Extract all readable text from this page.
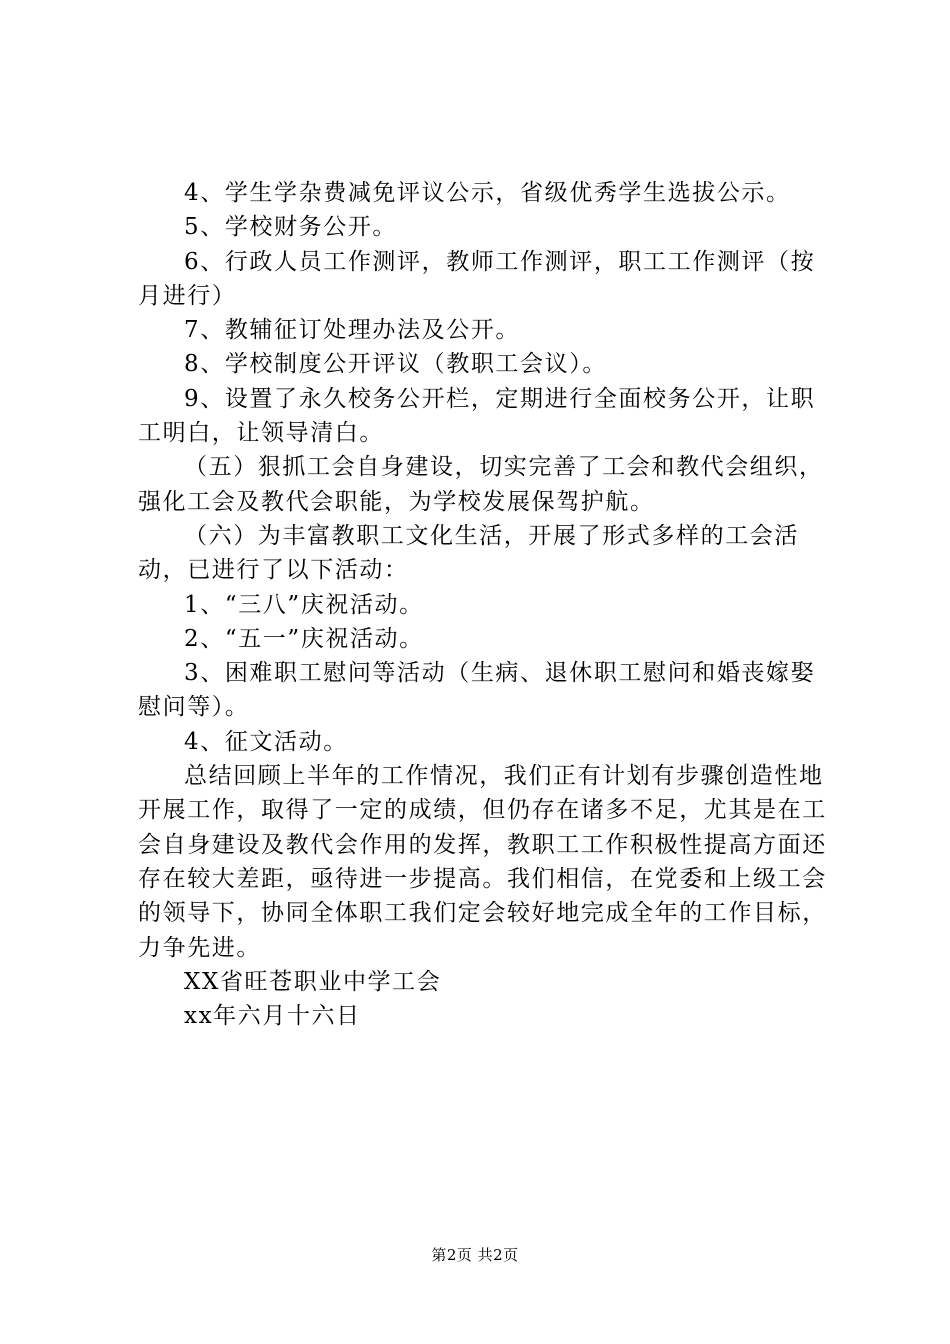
4、学生学杂费减免评议公示，省级优秀学生选拔公示。

5、学校财务公开。

6、行政人员工作测评，教师工作测评，职工工作测评（按月进行）

7、教辅征订处理办法及公开。

8、学校制度公开评议（教职工会议）。

9、设置了永久校务公开栏，定期进行全面校务公开，让职工明白，让领导清白。

（五）狠抓工会自身建设，切实完善了工会和教代会组织，强化工会及教代会职能，为学校发展保驾护航。

（六）为丰富教职工文化生活，开展了形式多样的工会活动，已进行了以下活动：

1、“三八”庆祝活动。

2、“五一”庆祝活动。

3、困难职工慰问等活动（生病、退休职工慰问和婚丧嫁娶慰问等）。

4、征文活动。

总结回顾上半年的工作情况，我们正有计划有步骤创造性地开展工作，取得了一定的成绩，但仍存在诸多不足，尤其是在工会自身建设及教代会作用的发挥，教职工工作积极性提高方面还存在较大差距，亟待进一步提高。我们相信，在党委和上级工会的领导下，协同全体职工我们定会较好地完成全年的工作目标，力争先进。

XX省旺苍职业中学工会

xx年六月十六日

第2页 共2页
